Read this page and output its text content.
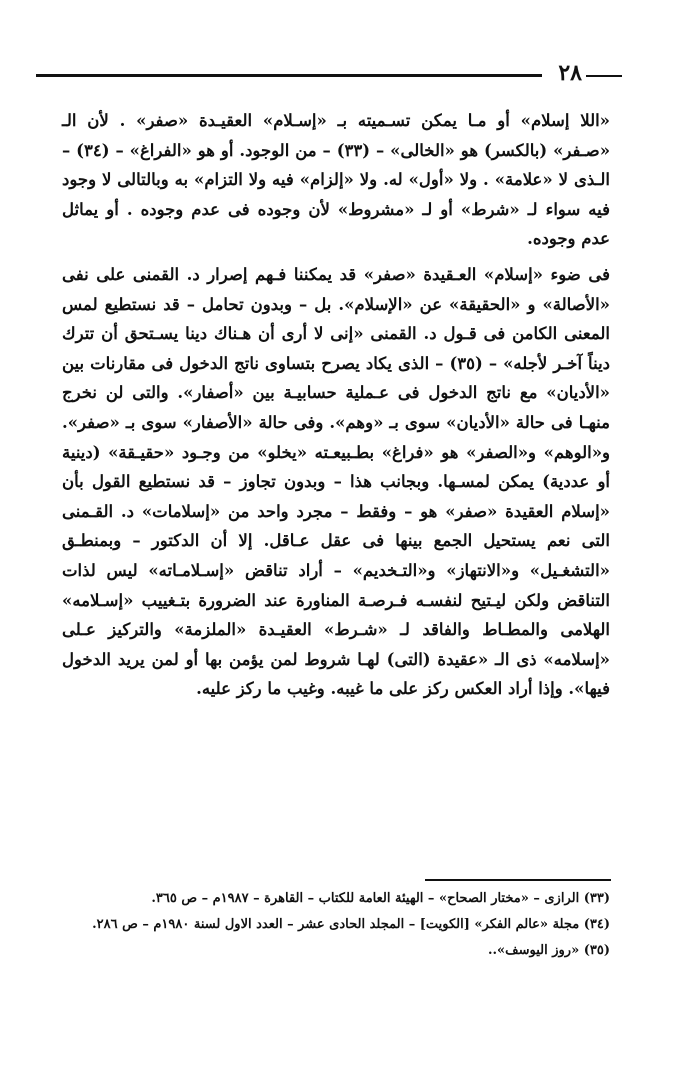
٢٨

«اللا إسلام» أو مـا يمكن تسـميته بـ «إسـلام» العقيـدة «صفر» . لأن الـ «صـفر» (بالكسر) هو «الخالى» – (٣٣) – من الوجود. أو هو «الفراغ» – (٣٤) – الـذى لا «علامة» . ولا «أول» له. ولا «إلزام» فيه ولا التزام» به وبالتالى لا وجود فيه سواء لـ «شرط» أو لـ «مشروط» لأن وجوده فى عدم وجوده . أو يماثل عدم وجوده.

فى ضوء «إسلام» العـقيدة «صفر» قد يمكننا فـهم إصرار د. القمنى على نفى «الأصالة» و «الحقيقة» عن «الإسلام». بل – وبدون تحامل – قد نستطيع لمس المعنى الكامن فى قـول د. القمنى «إنى لا أرى أن هـناك دينا يسـتحق أن تترك ديناً آخـر لأجله» – (٣٥) – الذى يكاد يصرح بتساوى ناتج الدخول فى مقارنات بين «الأديان» مع ناتج الدخول فى عـملية حسابيـة بين «أصفار». والتى لن نخرج منهـا فى حالة «الأديان» سوى بـ «وهم». وفى حالة «الأصفار» سوى بـ «صفر». و«الوهم» و«الصفر» هو «فراغ» بطـبيعـته «يخلو» من وجـود «حقيـقة» (دينية أو عددية) يمكن لمسـها. وبجانب هذا – وبدون تجاوز – قد نستطيع القول بأن «إسلام العقيدة «صفر» هو – وفقط – مجرد واحد من «إسلامات» د. القـمنى التى نعم يستحيل الجمع بينها فى عقل عـاقل. إلا أن الدكتور – وبمنطـق «التشغـيل» و«الانتهاز» و«التـخديم» – أراد تناقض «إسـلامـاته» ليس لذات التناقض ولكن ليـتيح لنفسـه فـرصـة المناورة عند الضرورة بتـغييب «إسـلامه» الهلامى والمطـاط والفاقد لـ «شـرط» العقيـدة «الملزمة» والتركيز عـلى «إسلامه» ذى الـ «عقيدة (التى) لهـا شروط لمن يؤمن بها أو لمن يريد الدخول فيها». وإذا أراد العكس ركز على ما غيبه. وغيب ما ركز عليه.

(٣٣) الرازى – «مختار الصحاح» – الهيئة العامة للكتاب – القاهرة – ١٩٨٧م – ص ٣٦٥.
(٣٤) مجلة «عالم الفكر» [الكويت] – المجلد الحادى عشر – العدد الاول لسنة ١٩٨٠م – ص ٢٨٦.
(٣٥) «روز اليوسف»..
